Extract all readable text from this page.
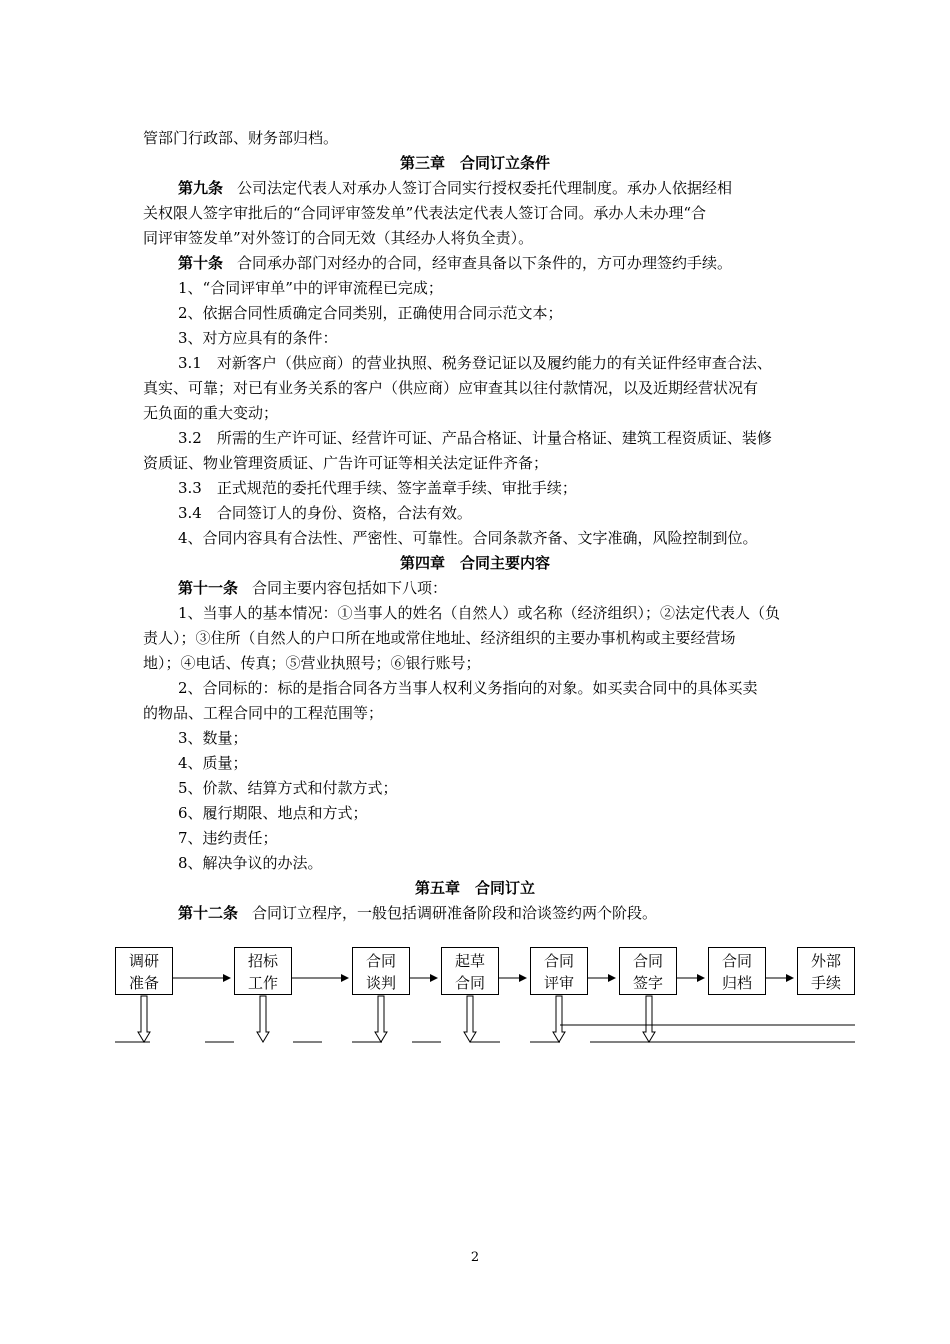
管部门行政部、财务部归档。
第三章　合同订立条件
第九条 公司法定代表人对承办人签订合同实行授权委托代理制度。承办人依据经相
关权限人签字审批后的“合同评审签发单”代表法定代表人签订合同。承办人未办理“合
同评审签发单”对外签订的合同无效（其经办人将负全责）。
第十条 合同承办部门对经办的合同，经审查具备以下条件的，方可办理签约手续。
1、“合同评审单”中的评审流程已完成；
2、依据合同性质确定合同类别，正确使用合同示范文本；
3、对方应具有的条件：
3.1　对新客户（供应商）的营业执照、税务登记证以及履约能力的有关证件经审查合法、
真实、可靠；对已有业务关系的客户（供应商）应审查其以往付款情况，以及近期经营状况有
无负面的重大变动；
3.2　所需的生产许可证、经营许可证、产品合格证、计量合格证、建筑工程资质证、装修
资质证、物业管理资质证、广告许可证等相关法定证件齐备；
3.3　正式规范的委托代理手续、签字盖章手续、审批手续；
3.4　合同签订人的身份、资格，合法有效。
4、合同内容具有合法性、严密性、可靠性。合同条款齐备、文字准确，风险控制到位。
第四章　合同主要内容
第十一条 合同主要内容包括如下八项：
1、当事人的基本情况：①当事人的姓名（自然人）或名称（经济组织）；②法定代表人（负
责人）；③住所（自然人的户口所在地或常住地址、经济组织的主要办事机构或主要经营场
地）；④电话、传真；⑤营业执照号；⑥银行账号；
2、合同标的：标的是指合同各方当事人权利义务指向的对象。如买卖合同中的具体买卖
的物品、工程合同中的工程范围等；
3、数量；
4、质量；
5、价款、结算方式和付款方式；
6、履行期限、地点和方式；
7、违约责任；
8、解决争议的办法。
第五章　合同订立
第十二条 合同订立程序，一般包括调研准备阶段和洽谈签约两个阶段。
调研
准备
招标
工作
合同
谈判
起草
合同
合同
评审
合同
签字
合同
归档
外部
手续
2
